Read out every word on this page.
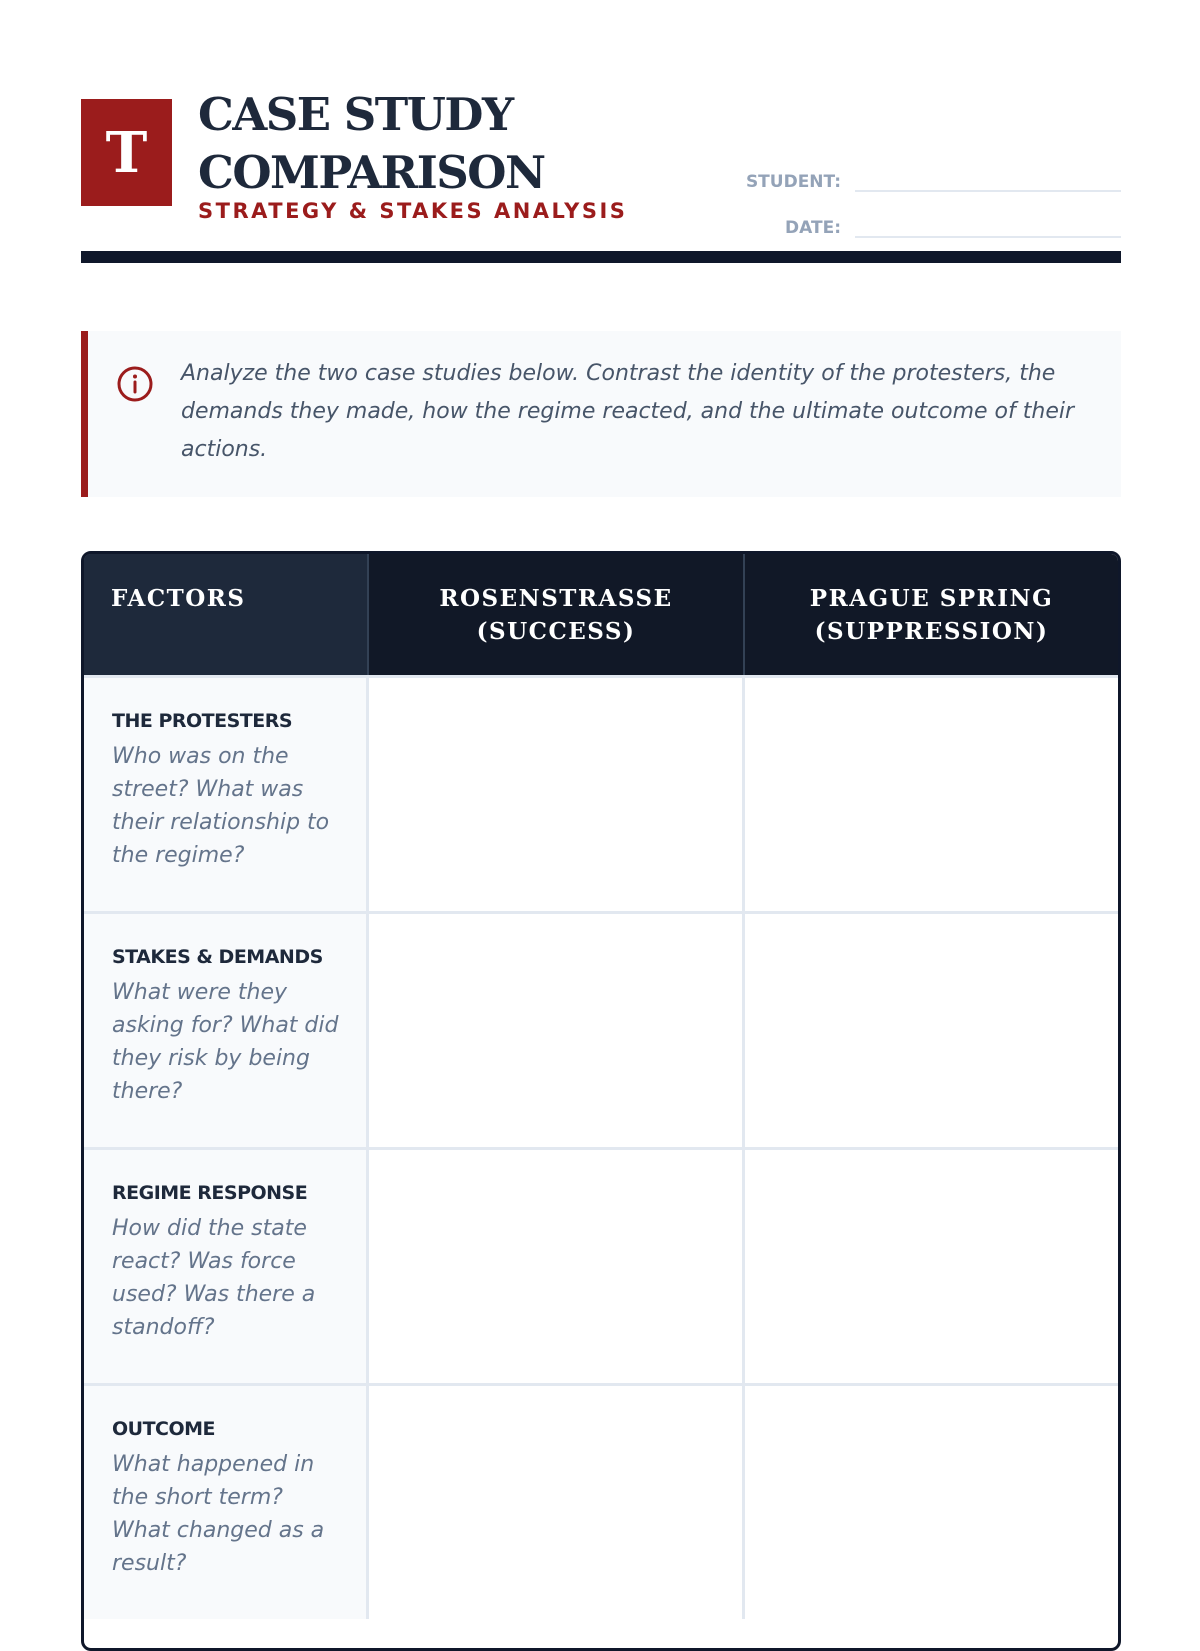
T
CASE STUDY COMPARISON

STRATEGY & STAKES ANALYSIS

STUDENT:
DATE:

Analyze the two case studies below. Contrast the identity of the protesters, the demands they made, how the regime reacted, and the ultimate outcome of their actions.

FACTORS	ROSENSTRASSE (SUCCESS)
PRAGUE SPRING (SUPPRESSION)

THE PROTESTERS

Who was on the street? What was their relationship to the regime?

STAKES & DEMANDS

What were they asking for? What did they risk by being there?

REGIME RESPONSE

How did the state react? Was force used? Was there a standoff?

OUTCOME

What happened in the short term? What changed as a result?
